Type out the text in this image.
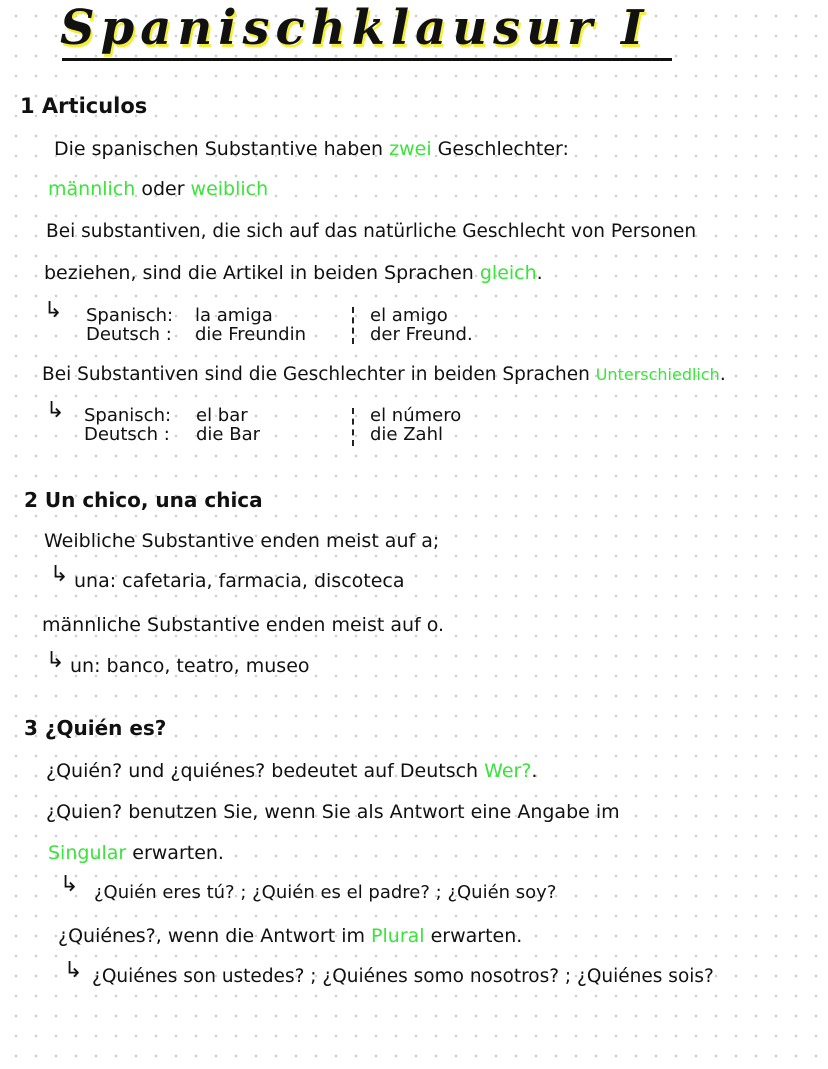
Spanischklausur I
1 Articulos
Die spanischen Substantive haben zwei Geschlechter:
männlich oder weiblich
Bei substantiven, die sich auf das natürliche Geschlecht von Personen
beziehen, sind die Artikel in beiden Sprachen gleich.
↳ Spanisch:
Deutsch :
la amiga
die Freundin
el amigo
der Freund.
Bei Substantiven sind die Geschlechter in beiden Sprachen Unterschiedlich.
↳ Spanisch:
Deutsch :
el bar
die Bar
el número
die Zahl
2 Un chico, una chica
Weibliche Substantive enden meist auf a;
↳ una: cafetaria, farmacia, discoteca
männliche Substantive enden meist auf o.
↳ un: banco, teatro, museo
3 ¿Quién es?
¿Quién? und ¿quiénes? bedeutet auf Deutsch Wer?.
¿Quien? benutzen Sie, wenn Sie als Antwort eine Angabe im
Singular erwarten.
↳ ¿Quién eres tú? ; ¿Quién es el padre? ; ¿Quién soy?
¿Quiénes?, wenn die Antwort im Plural erwarten.
↳ ¿Quiénes son ustedes? ; ¿Quiénes somo nosotros? ; ¿Quiénes sois?
